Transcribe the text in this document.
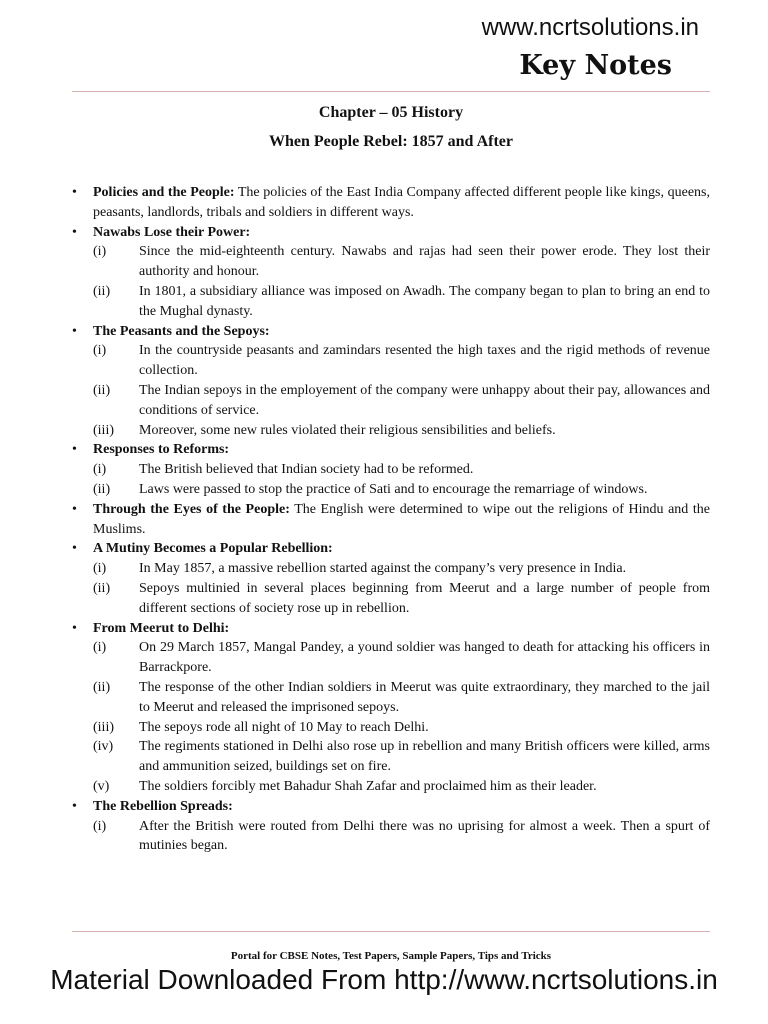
www.ncrtsolutions.in
Key Notes
Chapter – 05 History
When People Rebel: 1857 and After
• Policies and the People: The policies of the East India Company affected different people like kings, queens, peasants, landlords, tribals and soldiers in different ways.
• Nawabs Lose their Power:
(i)	Since the mid-eighteenth century. Nawabs and rajas had seen their power erode. They lost their authority and honour.
(ii)	In 1801, a subsidiary alliance was imposed on Awadh. The company began to plan to bring an end to the Mughal dynasty.
• The Peasants and the Sepoys:
(i)	In the countryside peasants and zamindars resented the high taxes and the rigid methods of revenue collection.
(ii)	The Indian sepoys in the employement of the company were unhappy about their pay, allowances and conditions of service.
(iii)	Moreover, some new rules violated their religious sensibilities and beliefs.
• Responses to Reforms:
(i)	The British believed that Indian society had to be reformed.
(ii)	Laws were passed to stop the practice of Sati and to encourage the remarriage of windows.
• Through the Eyes of the People: The English were determined to wipe out the religions of Hindu and the Muslims.
• A Mutiny Becomes a Popular Rebellion:
(i)	In May 1857, a massive rebellion started against the company’s very presence in India.
(ii)	Sepoys multinied in several places beginning from Meerut and a large number of people from different sections of society rose up in rebellion.
• From Meerut to Delhi:
(i)	On 29 March 1857, Mangal Pandey, a yound soldier was hanged to death for attacking his officers in Barrackpore.
(ii)	The response of the other Indian soldiers in Meerut was quite extraordinary, they marched to the jail to Meerut and released the imprisoned sepoys.
(iii)	The sepoys rode all night of 10 May to reach Delhi.
(iv)	The regiments stationed in Delhi also rose up in rebellion and many British officers were killed, arms and ammunition seized, buildings set on fire.
(v)	The soldiers forcibly met Bahadur Shah Zafar and proclaimed him as their leader.
• The Rebellion Spreads:
(i)	After the British were routed from Delhi there was no uprising for almost a week. Then a spurt of mutinies began.
Portal for CBSE Notes, Test Papers, Sample Papers, Tips and Tricks
Material Downloaded From http://www.ncrtsolutions.in
